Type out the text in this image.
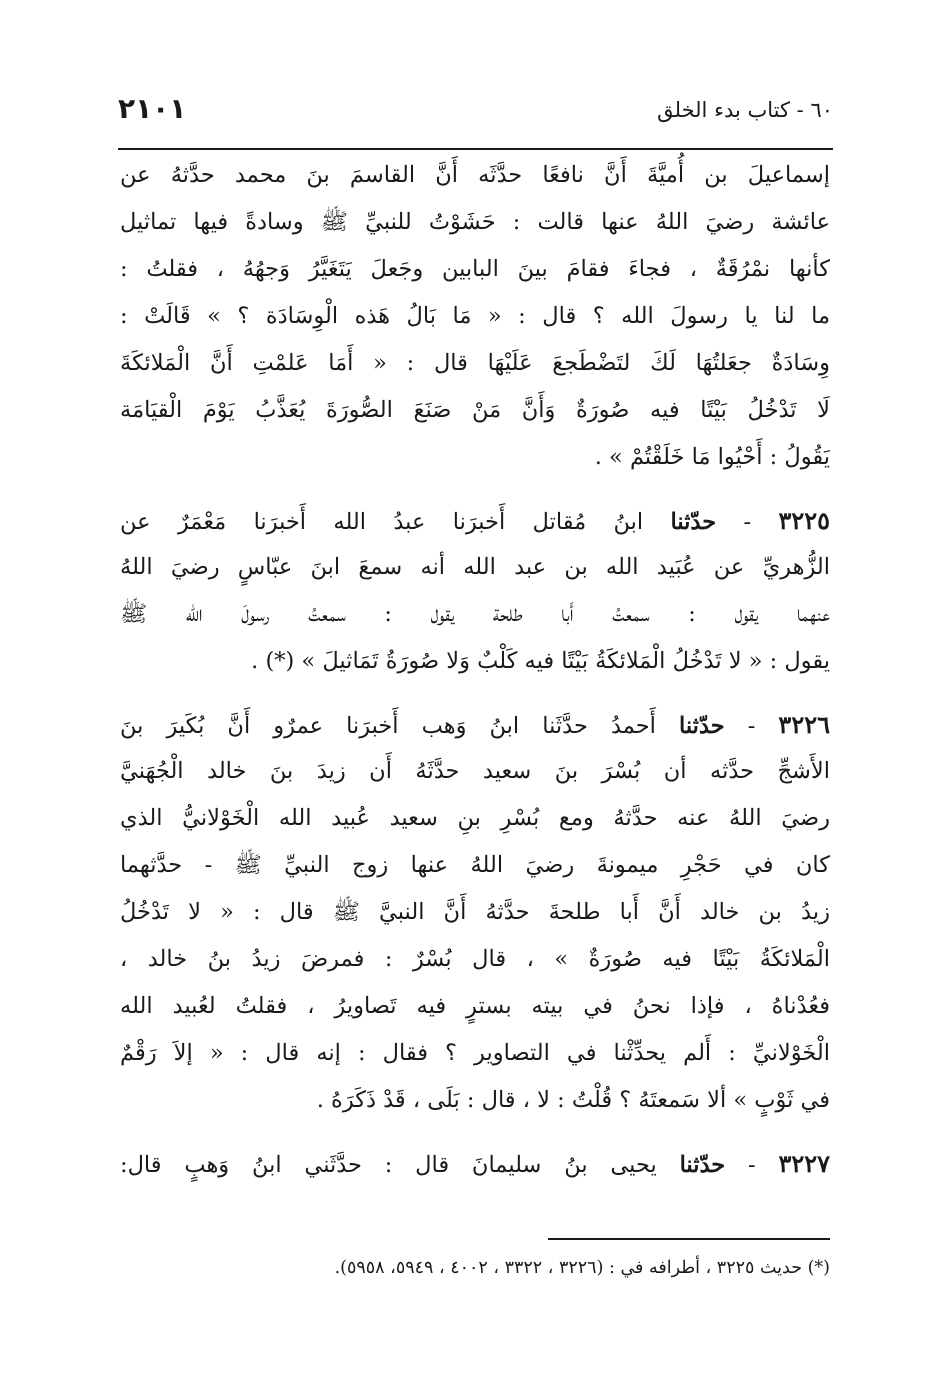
٢١٠١	٦٠ - كتاب بدء الخلق
إسماعيلَ بن أُميَّةَ أَنَّ نافعًا حدَّثَه أَنَّ القاسمَ بنَ محمد حدَّثهُ عن
عائشة رضيَ اللهُ عنها قالت : حَشَوْتُ للنبيِّ ﷺ وسادةً فيها تماثيل
كأنها نمْرُقَةٌ ، فجاءَ فقامَ بينَ البابين وجَعلَ يَتَغَيَّرُ وَجهُهُ ، فقلتُ :
ما لنا يا رسولَ الله ؟ قال : « مَا بَالُ هَذه الْوِسَادَة ؟ » قَالَتْ :
وِسَادَةٌ جعَلتُهَا لَكَ لتَضْطَجعَ عَلَيْهَا قال : « أَمَا عَلمْتِ أَنَّ الْمَلائكَةَ
لَا تَدْخُلُ بَيْتًا فيه صُورَةٌ وَأَنَّ مَنْ صَنَعَ الصُّورَةَ يُعَذَّبُ يَوْمَ الْقيَامَة
يَقُولُ : أَحْيُوا مَا خَلَقْتُمْ » .
٣٢٢٥ - حدّثنا ابنُ مُقاتل أَخبرَنا عبدُ الله أَخبرَنا مَعْمَرٌ عن
الزُّهريِّ عن عُبَيد الله بن عبد الله أنه سمعَ ابنَ عبّاسٍ رضيَ اللهُ
عنهما يقول : سمعتُ أَبا طلحة يقول : سمعتُ رسولَ الله ﷺ
يقول : « لا تَدْخُلُ الْمَلائكَةُ بَيْتًا فيه كَلْبٌ وَلا صُورَةُ تَمَاثيلَ » (*) .
٣٢٢٦ - حدّثنا أَحمدُ حدَّثَنا ابنُ وَهب أَخبرَنا عمرٌو أَنَّ بُكَيرَ بنَ
الأَشجِّ حدَّثه أن بُسْرَ بنَ سعيد حدَّثَهُ أَن زيدَ بنَ خالد الْجُهَنيَّ
رضيَ اللهُ عنه حدَّثهُ ومع بُسْرِ بنِ سعيد عُبيد الله الْخَوْلانيُّ الذي
كان في حَجْرِ ميمونةَ رضيَ اللهُ عنها زوج النبيِّ ﷺ - حدَّثهما
زيدُ بن خالد أَنَّ أَبا طلحةَ حدَّثهُ أَنَّ النبيَّ ﷺ قال : « لا تَدْخُلُ
الْمَلائكَةُ بَيْتًا فيه صُورَةٌ » ، قال بُسْرٌ : فمرضَ زيدُ بنُ خالد ،
فعُدْناهُ ، فإذا نحنُ في بيته بسترٍ فيه تَصاويرُ ، فقلتُ لعُبيد الله
الْخَوْلانيِّ : أَلم يحدِّثْنا في التصاوير ؟ فقال : إنه قال : « إلاَ رَقْمٌ
في ثَوْبٍ » ألا سَمعتَهُ ؟ قُلْتُ : لا ، قال : بَلَى ، قَدْ ذَكَرَهُ .
٣٢٢٧ - حدّثنا يحيى بنُ سليمانَ قال : حدَّثَني ابنُ وَهبٍ قال:
(*) حديث ٣٢٢٥ ، أطرافه في : (٣٢٢٦ ، ٣٣٢٢ ، ٤٠٠٢ ، ٥٩٤٩، ٥٩٥٨).
